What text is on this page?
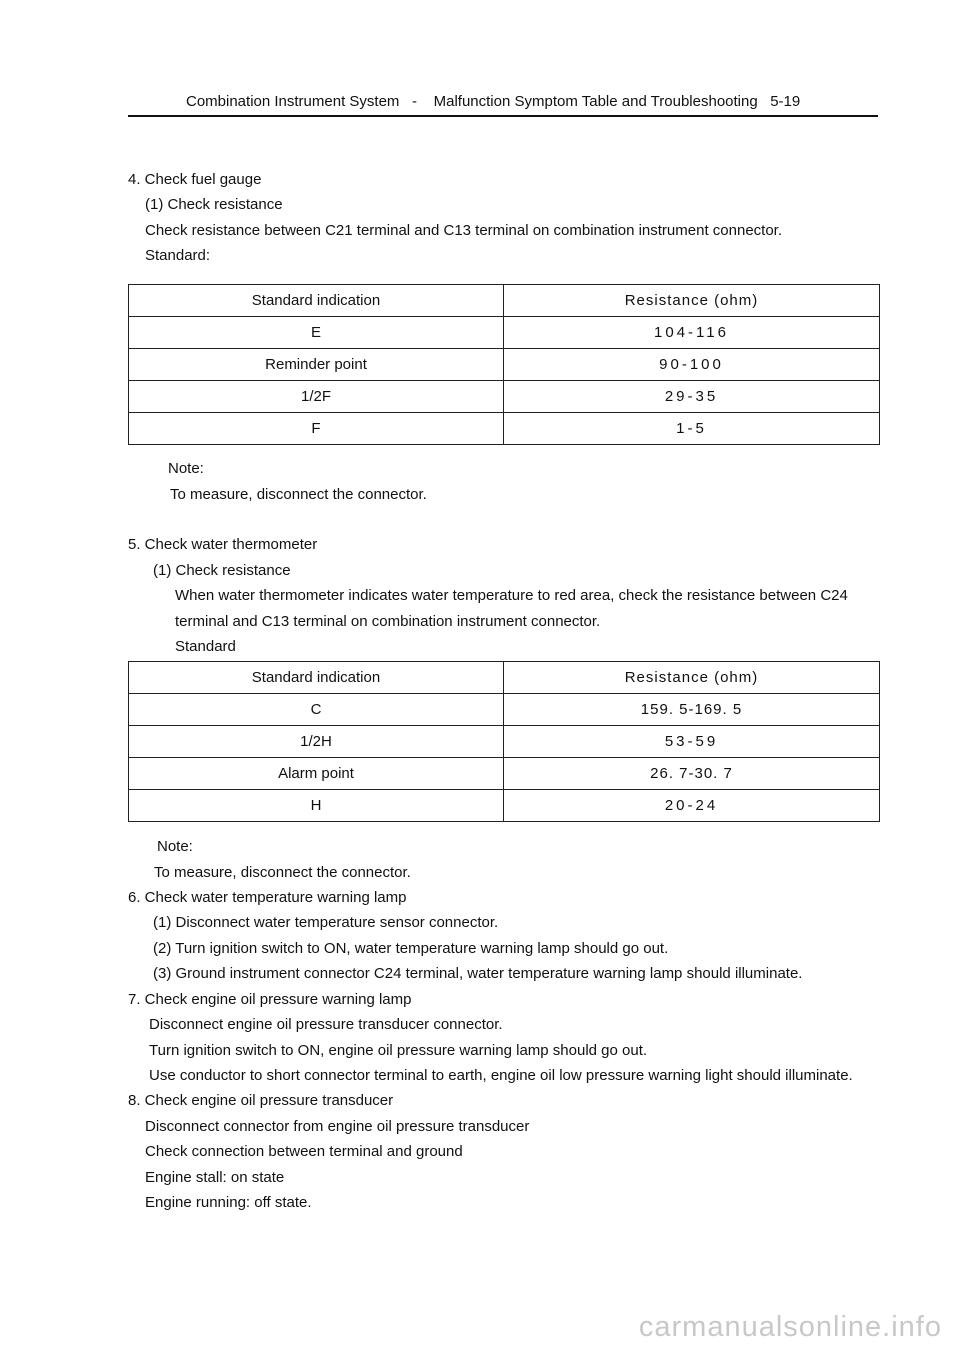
Combination Instrument System - Malfunction Symptom Table and Troubleshooting 5-19
4. Check fuel gauge
(1) Check resistance
Check resistance between C21 terminal and C13 terminal on combination instrument connector.
Standard:
Standard indication	Resistance (ohm)
E	104-116
Reminder point	90-100
1/2F	29-35
F	1-5
Note:
To measure, disconnect the connector.
5. Check water thermometer
(1) Check resistance
When water thermometer indicates water temperature to red area, check the resistance between C24
terminal and C13 terminal on combination instrument connector.
Standard
Standard indication	Resistance (ohm)
C	159. 5-169. 5
1/2H	53-59
Alarm point	26. 7-30. 7
H	20-24
Note:
To measure, disconnect the connector.
6. Check water temperature warning lamp
(1) Disconnect water temperature sensor connector.
(2) Turn ignition switch to ON, water temperature warning lamp should go out.
(3) Ground instrument connector C24 terminal, water temperature warning lamp should illuminate.
7. Check engine oil pressure warning lamp
Disconnect engine oil pressure transducer connector.
Turn ignition switch to ON, engine oil pressure warning lamp should go out.
Use conductor to short connector terminal to earth, engine oil low pressure warning light should illuminate.
8. Check engine oil pressure transducer
Disconnect connector from engine oil pressure transducer
Check connection between terminal and ground
Engine stall: on state
Engine running: off state.
carmanualsonline.info
